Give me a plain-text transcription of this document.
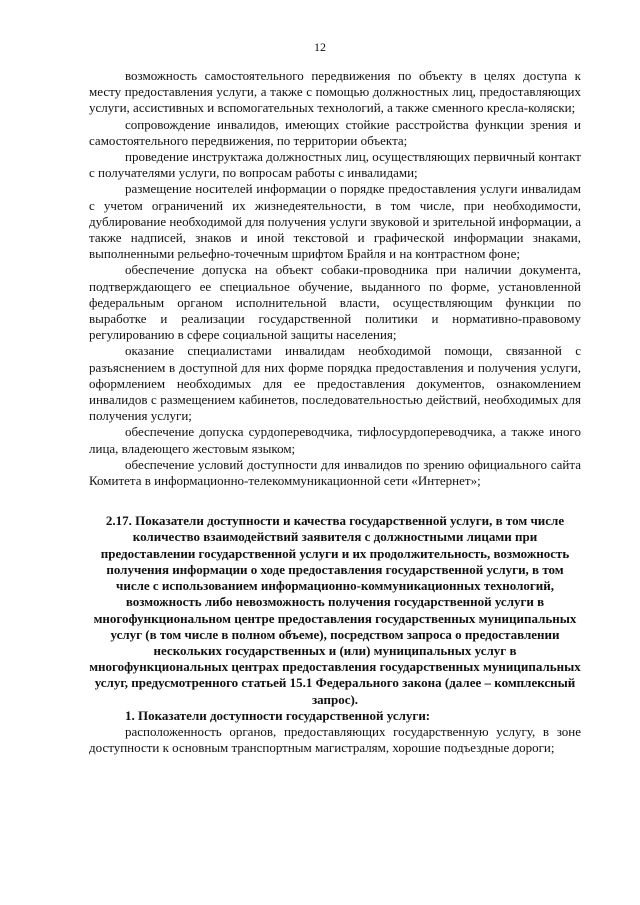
12

возможность самостоятельного передвижения по объекту в целях доступа к месту предоставления услуги, а также с помощью должностных лиц, предоставляющих услуги, ассистивных и вспомогательных технологий, а также сменного кресла-коляски;

сопровождение инвалидов, имеющих стойкие расстройства функции зрения и самостоятельного передвижения, по территории объекта;

проведение инструктажа должностных лиц, осуществляющих первичный контакт с получателями услуги, по вопросам работы с инвалидами;

размещение носителей информации о порядке предоставления услуги инвалидам с учетом ограничений их жизнедеятельности, в том числе, при необходимости, дублирование необходимой для получения услуги звуковой и зрительной информации, а также надписей, знаков и иной текстовой и графической информации знаками, выполненными рельефно-точечным шрифтом Брайля и на контрастном фоне;

обеспечение допуска на объект собаки-проводника при наличии документа, подтверждающего ее специальное обучение, выданного по форме, установленной федеральным органом исполнительной власти, осуществляющим функции по выработке и реализации государственной политики и нормативно-правовому регулированию в сфере социальной защиты населения;

оказание специалистами инвалидам необходимой помощи, связанной с разъяснением в доступной для них форме порядка предоставления и получения услуги, оформлением необходимых для ее предоставления документов, ознакомлением инвалидов с размещением кабинетов, последовательностью действий, необходимых для получения услуги;

обеспечение допуска сурдопереводчика, тифлосурдопереводчика, а также иного лица, владеющего жестовым языком;

обеспечение условий доступности для инвалидов по зрению официального сайта Комитета в информационно-телекоммуникационной сети «Интернет»;

2.17. Показатели доступности и качества государственной услуги, в том числе количество взаимодействий заявителя с должностными лицами при предоставлении государственной услуги и их продолжительность, возможность получения информации о ходе предоставления государственной услуги, в том числе с использованием информационно-коммуникационных технологий, возможность либо невозможность получения государственной услуги в многофункциональном центре предоставления государственных муниципальных услуг (в том числе в полном объеме), посредством запроса о предоставлении нескольких государственных и (или) муниципальных услуг в многофункциональных центрах предоставления государственных муниципальных услуг, предусмотренного статьей 15.1 Федерального закона (далее – комплексный запрос).

1. Показатели доступности государственной услуги:

расположенность органов, предоставляющих государственную услугу, в зоне доступности к основным транспортным магистралям, хорошие подъездные дороги;
